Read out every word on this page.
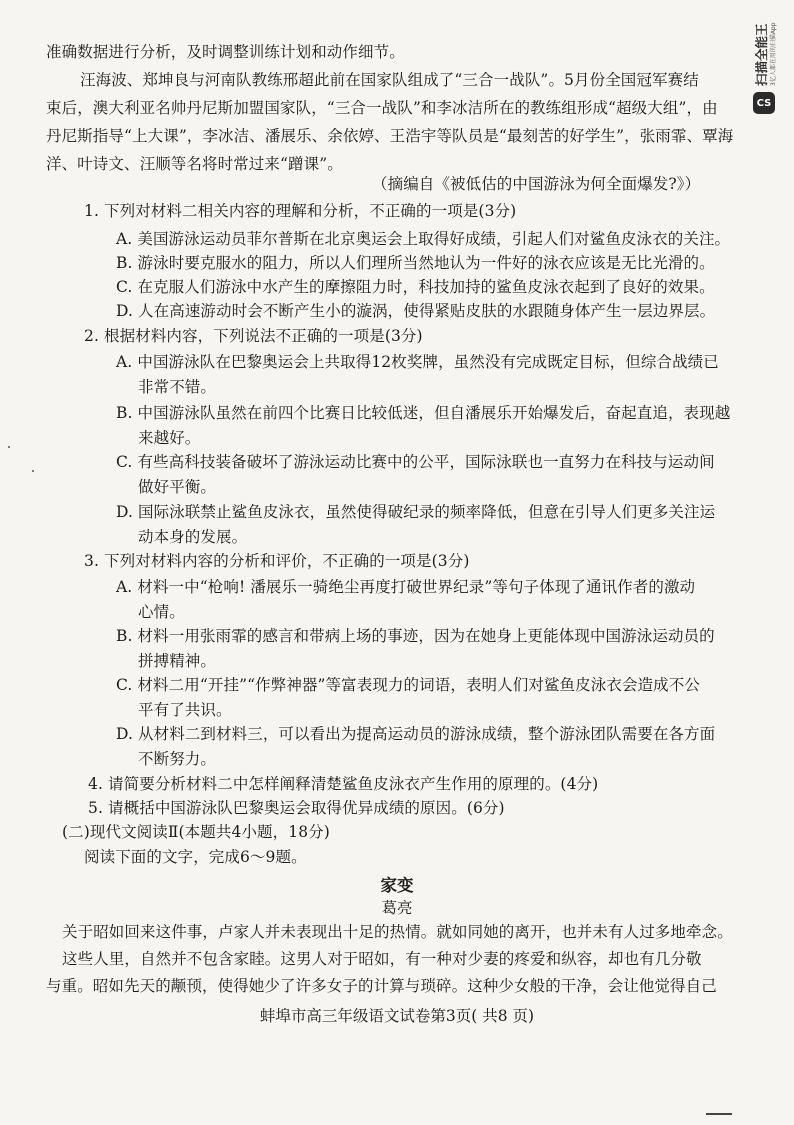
扫描全能王 3亿人都在用的扫描App
CS

准确数据进行分析，及时调整训练计划和动作细节。

汪海波、郑坤良与河南队教练邢超此前在国家队组成了“三合一战队”。5月份全国冠军赛结

束后，澳大利亚名帅丹尼斯加盟国家队，“三合一战队”和李冰洁所在的教练组形成“超级大组”，由

丹尼斯指导“上大课”，李冰洁、潘展乐、余依婷、王浩宇等队员是“最刻苦的好学生”，张雨霏、覃海

洋、叶诗文、汪顺等名将时常过来“蹭课”。

（摘编自《被低估的中国游泳为何全面爆发?》）

1. 下列对材料二相关内容的理解和分析，不正确的一项是(3分)

A. 美国游泳运动员菲尔普斯在北京奥运会上取得好成绩，引起人们对鲨鱼皮泳衣的关注。

B. 游泳时要克服水的阻力，所以人们理所当然地认为一件好的泳衣应该是无比光滑的。

C. 在克服人们游泳中水产生的摩擦阻力时，科技加持的鲨鱼皮泳衣起到了良好的效果。

D. 人在高速游动时会不断产生小的漩涡，使得紧贴皮肤的水跟随身体产生一层边界层。

2. 根据材料内容，下列说法不正确的一项是(3分)

A. 中国游泳队在巴黎奥运会上共取得12枚奖牌，虽然没有完成既定目标，但综合战绩已

非常不错。

B. 中国游泳队虽然在前四个比赛日比较低迷，但自潘展乐开始爆发后，奋起直追，表现越

来越好。

C. 有些高科技装备破坏了游泳运动比赛中的公平，国际泳联也一直努力在科技与运动间

做好平衡。

D. 国际泳联禁止鲨鱼皮泳衣，虽然使得破纪录的频率降低，但意在引导人们更多关注运

动本身的发展。

3. 下列对材料内容的分析和评价，不正确的一项是(3分)

A. 材料一中“枪响! 潘展乐一骑绝尘再度打破世界纪录”等句子体现了通讯作者的激动

心情。

B. 材料一用张雨霏的感言和带病上场的事迹，因为在她身上更能体现中国游泳运动员的

拼搏精神。

C. 材料二用“开挂”“作弊神器”等富表现力的词语，表明人们对鲨鱼皮泳衣会造成不公

平有了共识。

D. 从材料二到材料三，可以看出为提高运动员的游泳成绩，整个游泳团队需要在各方面

不断努力。

4. 请简要分析材料二中怎样阐释清楚鲨鱼皮泳衣产生作用的原理的。(4分)

5. 请概括中国游泳队巴黎奥运会取得优异成绩的原因。(6分)

(二)现代文阅读Ⅱ(本题共4小题，18分)

阅读下面的文字，完成6～9题。

家变

葛亮

关于昭如回来这件事，卢家人并未表现出十足的热情。就如同她的离开，也并未有人过多地牵念。

这些人里，自然并不包含家睦。这男人对于昭如，有一种对少妻的疼爱和纵容，却也有几分敬

与重。昭如先天的颟顸，使得她少了许多女子的计算与琐碎。这种少女般的干净，会让他觉得自己

蚌埠市高三年级语文试卷第3页( 共8 页)
